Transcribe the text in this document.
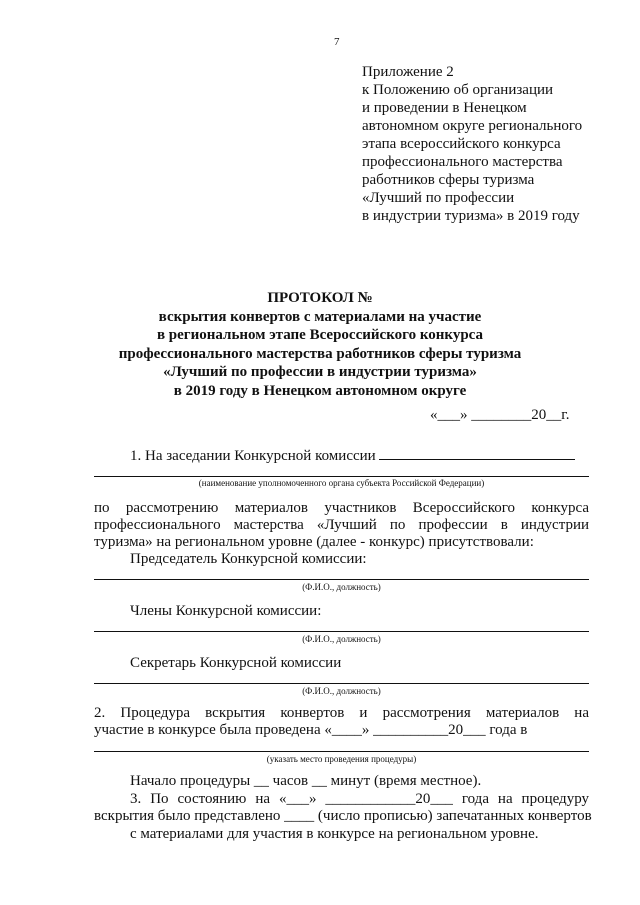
7
Приложение 2
к Положению об организации
и проведении в Ненецком
автономном округе регионального
этапа всероссийского конкурса
профессионального мастерства
работников сферы туризма
«Лучший по профессии
в индустрии туризма» в 2019 году
ПРОТОКОЛ №
вскрытия конвертов с материалами на участие
в региональном этапе Всероссийского конкурса
профессионального мастерства работников сферы туризма
«Лучший по профессии в индустрии туризма»
в 2019 году в Ненецком автономном округе
«___» ________20__г.
1. На заседании Конкурсной комиссии
(наименование уполномоченного органа субъекта Российской Федерации)
по рассмотрению материалов участников Всероссийского конкурса
профессионального мастерства «Лучший по профессии в индустрии
туризма» на региональном уровне (далее - конкурс) присутствовали:
Председатель Конкурсной комиссии:
(Ф.И.О., должность)
Члены Конкурсной комиссии:
(Ф.И.О., должность)
Секретарь Конкурсной комиссии
(Ф.И.О., должность)
2. Процедура вскрытия конвертов и рассмотрения материалов на
участие в конкурсе была проведена «____» __________20___ года в
(указать место проведения процедуры)
Начало процедуры __ часов __ минут (время местное).
3. По состоянию на «___» ____________20___ года на процедуру
вскрытия было представлено ____ (число прописью) запечатанных конвертов
с материалами для участия в конкурсе на региональном уровне.
